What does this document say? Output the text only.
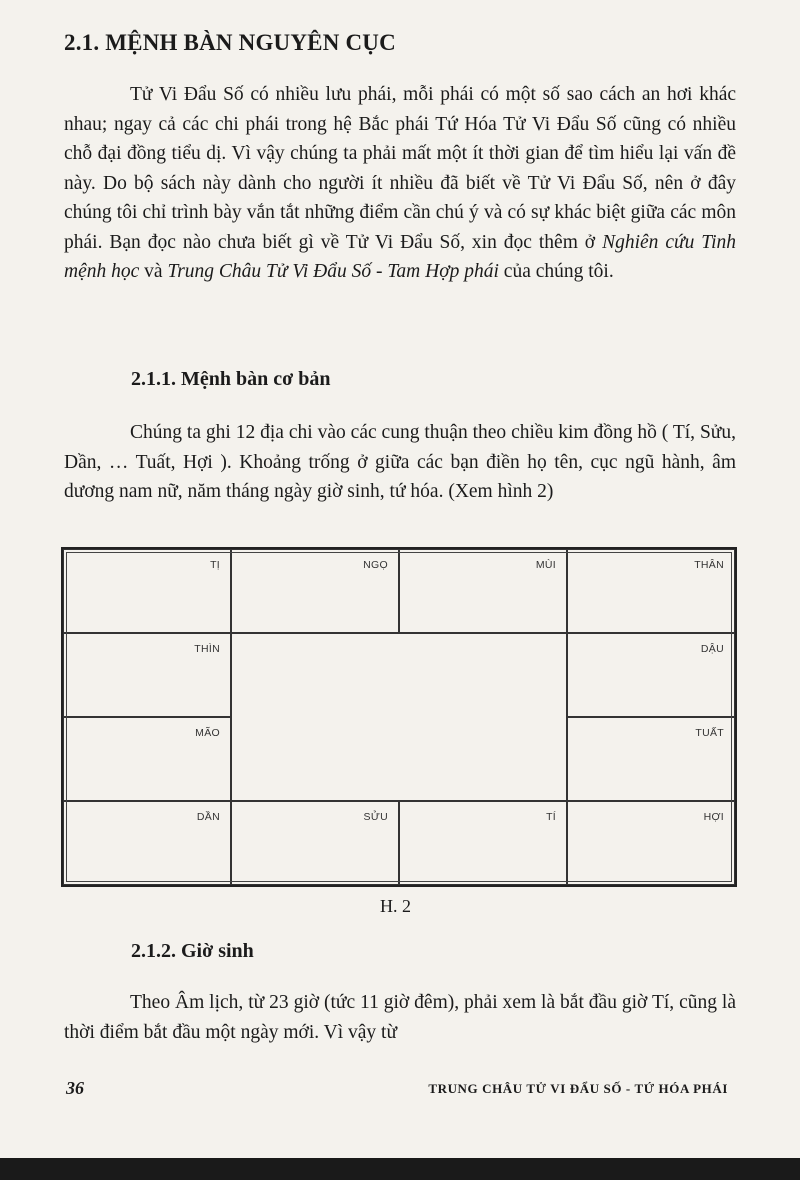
2.1. MỆNH BÀN NGUYÊN CỤC

Tử Vi Đẩu Số có nhiều lưu phái, mỗi phái có một số sao cách an hơi khác nhau; ngay cả các chi phái trong hệ Bắc phái Tứ Hóa Tử Vi Đẩu Số cũng có nhiều chỗ đại đồng tiểu dị. Vì vậy chúng ta phải mất một ít thời gian để tìm hiểu lại vấn đề này. Do bộ sách này dành cho người ít nhiều đã biết về Tử Vi Đẩu Số, nên ở đây chúng tôi chỉ trình bày vắn tắt những điểm cần chú ý và có sự khác biệt giữa các môn phái. Bạn đọc nào chưa biết gì về Tử Vi Đẩu Số, xin đọc thêm ở Nghiên cứu Tinh mệnh học và Trung Châu Tử Vi Đẩu Số - Tam Hợp phái của chúng tôi.

2.1.1. Mệnh bàn cơ bản

Chúng ta ghi 12 địa chi vào các cung thuận theo chiều kim đồng hồ ( Tí, Sửu, Dần, … Tuất, Hợi ). Khoảng trống ở giữa các bạn điền họ tên, cục ngũ hành, âm dương nam nữ, năm tháng ngày giờ sinh, tứ hóa. (Xem hình 2)

TỊ	NGỌ	MÙI	THÂN
THÌN	DẬU
MÃO	TUẤT
DẦN	SỬU	TÍ	HỢI

H. 2

2.1.2. Giờ sinh

Theo Âm lịch, từ 23 giờ (tức 11 giờ đêm), phải xem là bắt đầu giờ Tí, cũng là thời điểm bắt đầu một ngày mới. Vì vậy từ

36	TRUNG CHÂU TỬ VI ĐẨU SỐ - TỨ HÓA PHÁI
